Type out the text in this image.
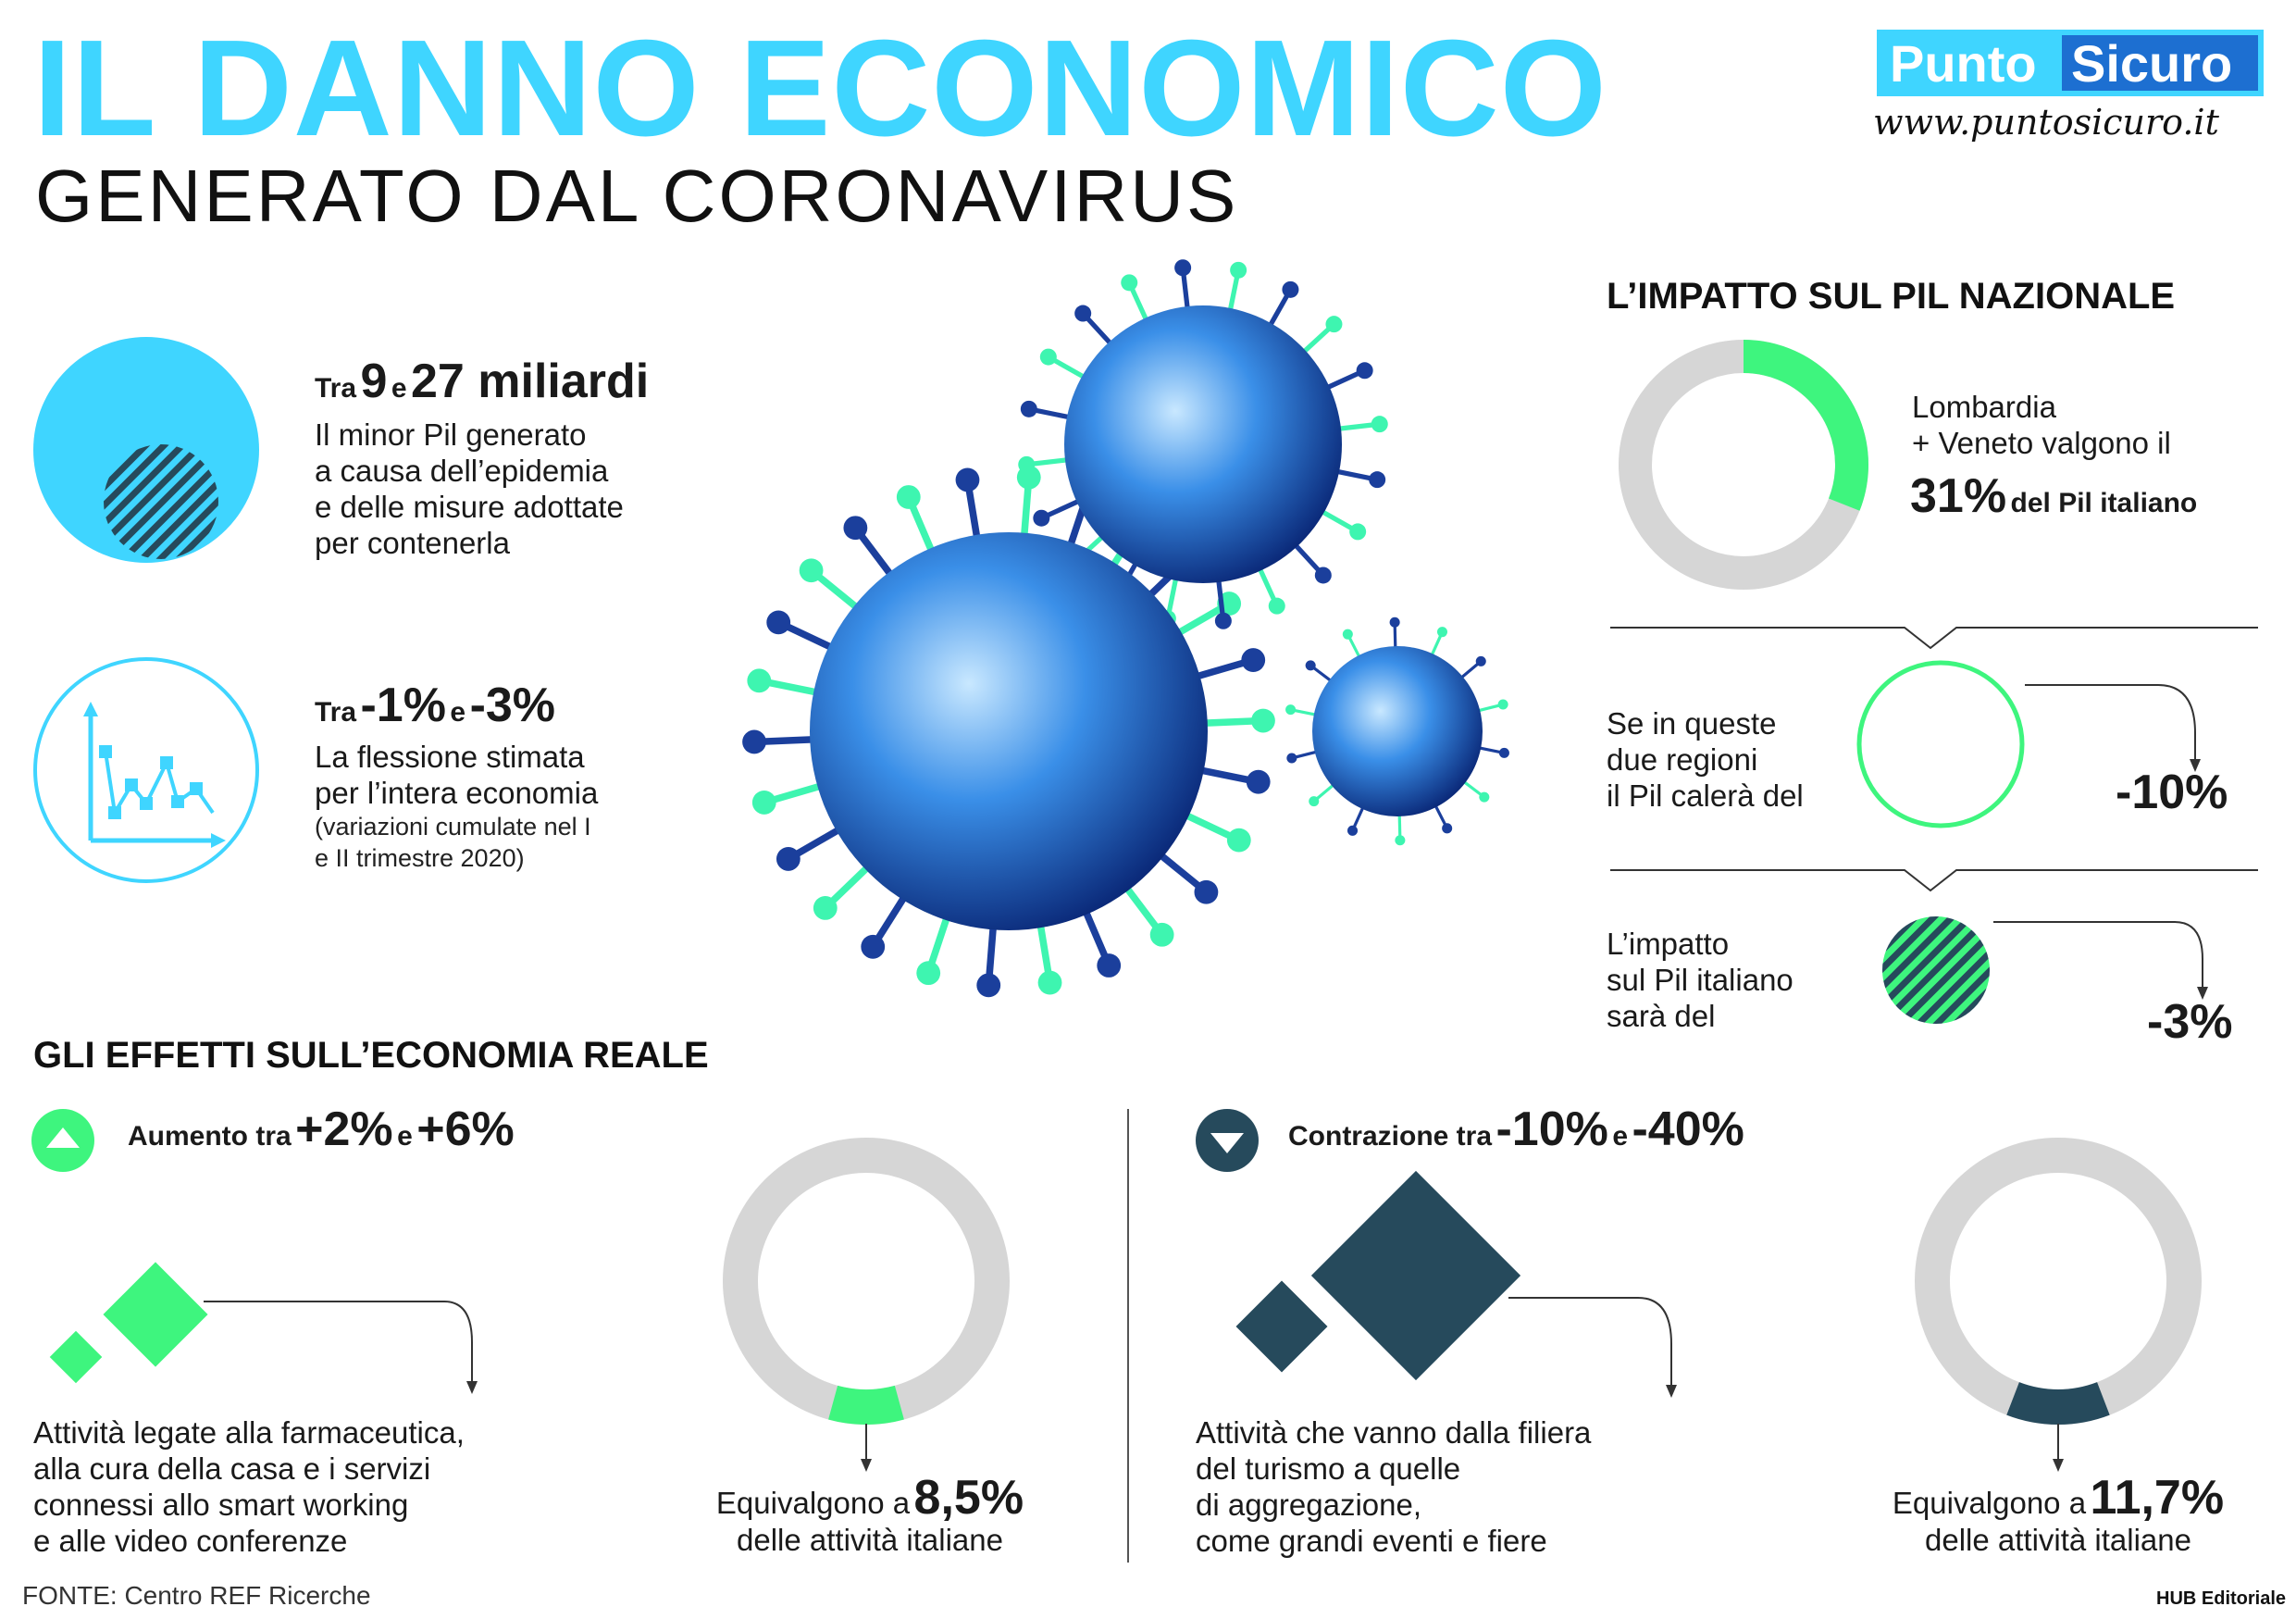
IL DANNO ECONOMICO
GENERATO DAL CORONAVIRUS
Punto Sicuro
www.puntosicuro.it
Tra 9 e 27 miliardi
Il minor Pil generato
a causa dell’epidemia
e delle misure adottate
per contenerla
Tra -1% e -3%
La flessione stimata
per l’intera economia
(variazioni cumulate nel I
e II trimestre 2020)
L’IMPATTO SUL PIL NAZIONALE
Lombardia
+ Veneto valgono il
31% del Pil italiano
Se in queste
due regioni
il Pil calerà del	-10%
L’impatto
sul Pil italiano
sarà del	-3%
GLI EFFETTI SULL’ECONOMIA REALE
Aumento tra +2% e +6%
Attività legate alla farmaceutica,
alla cura della casa e i servizi
connessi allo smart working
e alle video conferenze
Equivalgono a 8,5%
delle attività italiane
Contrazione tra -10% e -40%
Attività che vanno dalla filiera
del turismo a quelle
di aggregazione,
come grandi eventi e fiere
Equivalgono a 11,7%
delle attività italiane
FONTE: Centro REF Ricerche	HUB Editoriale
